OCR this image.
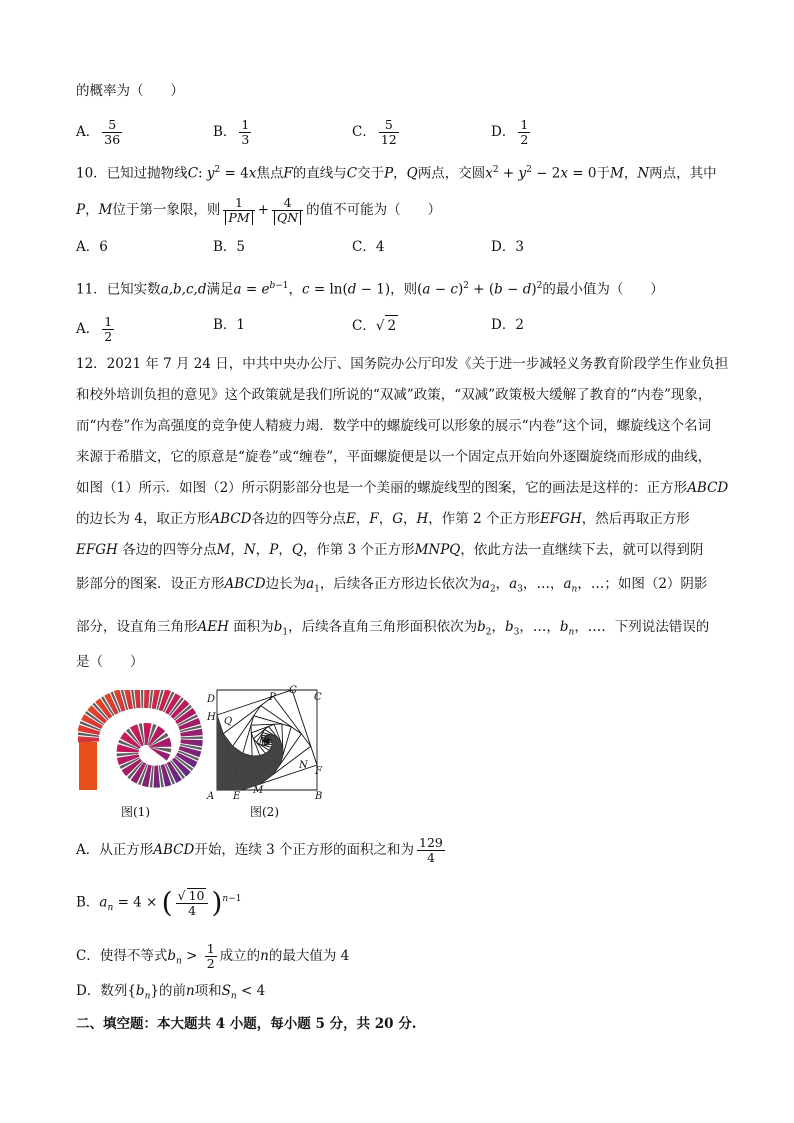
的概率为（　　）
A． $\frac{5}{36}$	B． $\frac{1}{3}$	C． $\frac{5}{12}$	D． $\frac{1}{2}$
10．已知过抛物线C: $y^2 = 4x$焦点F的直线与C交于P，Q两点，交圆$x^2 + y^2 - 2x = 0$于M，N两点，其中
P，M位于第一象限，则 $\frac{1}{PM} + \frac{4}{QN}$ 的值不可能为（　　）
A．6	B．5	C．4	D．3
11．已知实数a,b,c,d满足$a = e^{b-1}$，c = ln(d − 1)，则$(a - c)^2 + (b - d)^2$的最小值为（　　）
A． $\frac{1}{2}$	B．1	C．√ 2	D．2
12．2021 年 7 月 24 日，中共中央办公厅、国务院办公厅印发《关于进一步减轻义务教育阶段学生作业负担
和校外培训负担的意见》这个政策就是我们所说的“双减”政策，“双减”政策极大缓解了教育的“内卷”现象，
而“内卷”作为高强度的竞争使人精疲力竭．数学中的螺旋线可以形象的展示“内卷”这个词，螺旋线这个名词
来源于希腊文，它的原意是“旋卷”或“缠卷”，平面螺旋便是以一个固定点开始向外逐圈旋绕而形成的曲线，
如图（1）所示．如图（2）所示阴影部分也是一个美丽的螺旋线型的图案，它的画法是这样的：正方形ABCD
的边长为 4，取正方形ABCD各边的四等分点E，F，G，H，作第 2 个正方形EFGH，然后再取正方形
EFGH 各边的四等分点M，N，P，Q，作第 3 个正方形MNPQ，依此方法一直继续下去，就可以得到阴
影部分的图案．设正方形ABCD边长为$a_1$，后续各正方形边长依次为$a_2$，$a_3$，…，$a_n$，…；如图（2）阴影
部分，设直角三角形AEH 面积为$b_1$，后续各直角三角形面积依次为$b_2$，$b_3$，…，$b_n$，…．下列说法错误的
是（　　）
图(1)
D	P
G
C
H Q
N
F
A E
M
B
图(2)
A．从正方形ABCD开始，连续 3 个正方形的面积之和为 $\frac{129}{4}$
B．$a_n = 4$ × ( $\frac{√ 10}{4} )^{n-1}$
C．使得不等式$b_n > \frac{1}{2}$ 成立的n的最大值为 4
D．数列$\{b_n\}$的前n项和$S_n < 4$
二、填空题：本大题共 4 小题，每小题 5 分，共 20 分.
